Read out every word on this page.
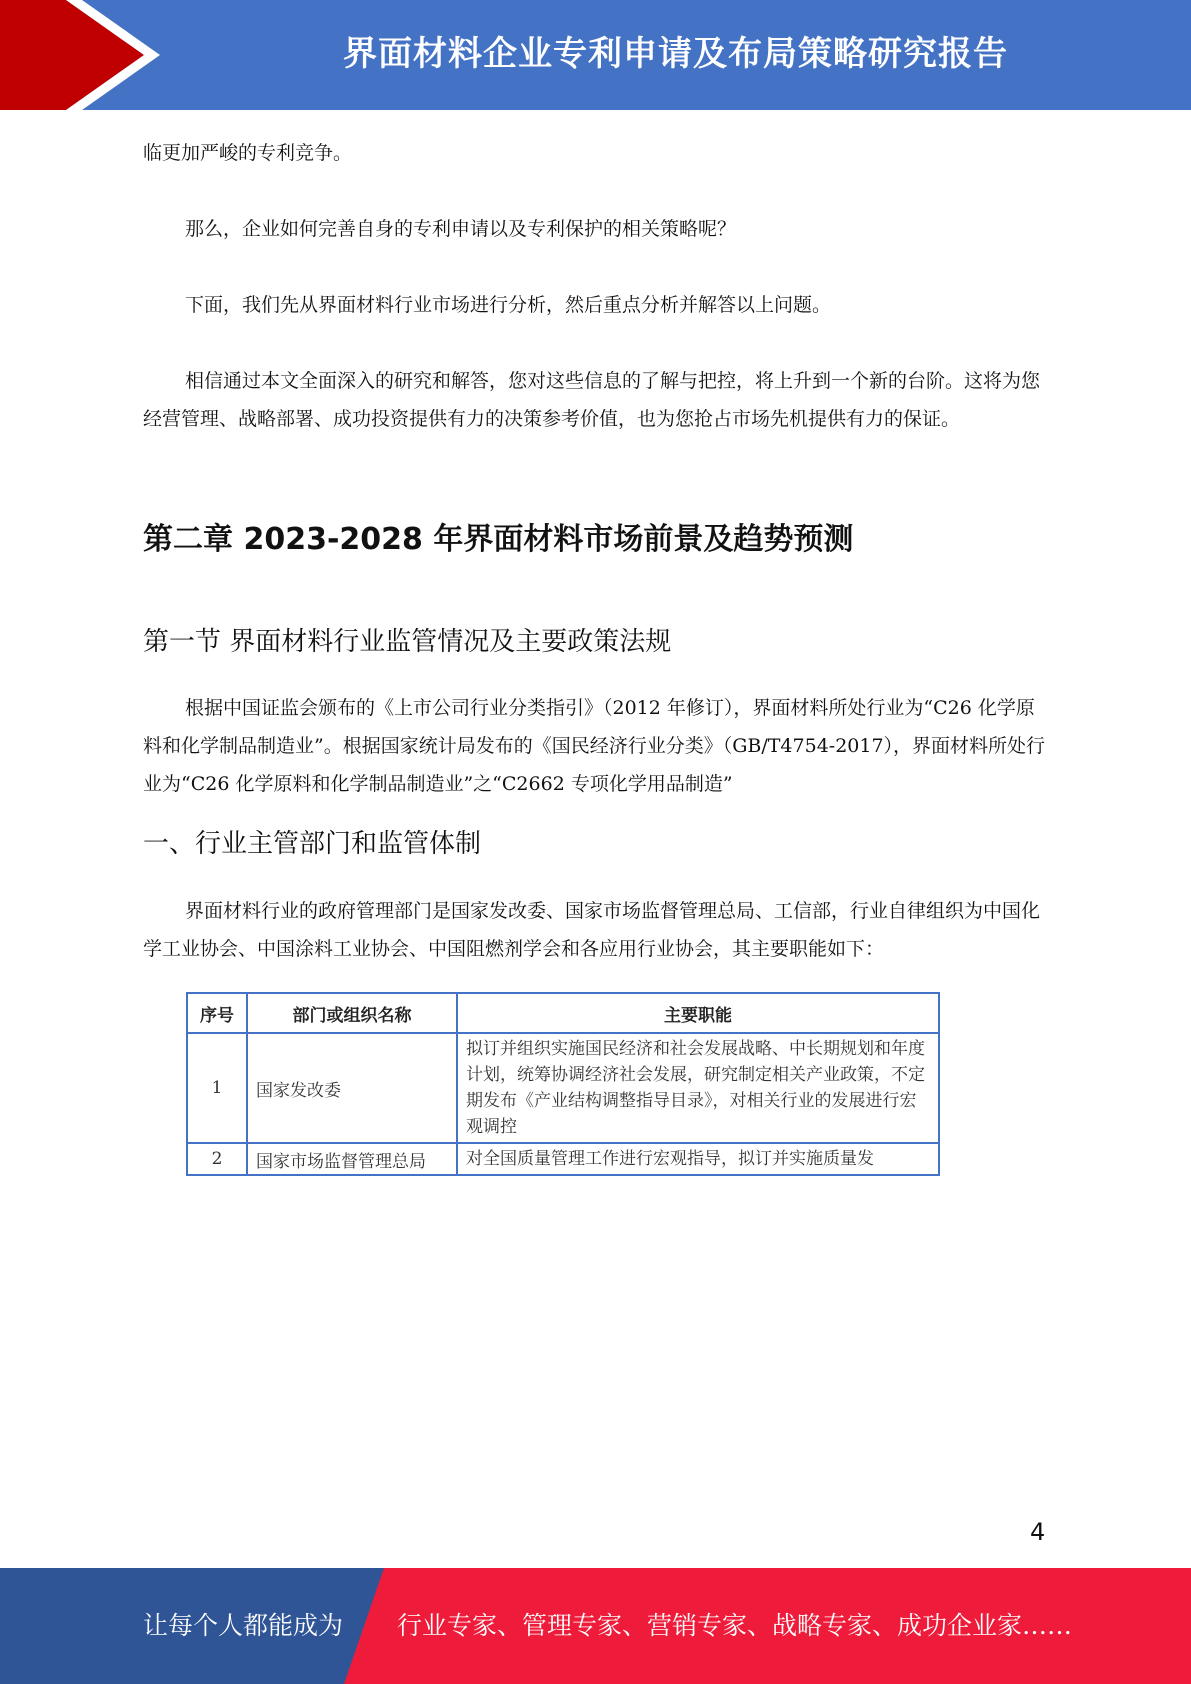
界面材料企业专利申请及布局策略研究报告

临更加严峻的专利竞争。

那么，企业如何完善自身的专利申请以及专利保护的相关策略呢？

下面，我们先从界面材料行业市场进行分析，然后重点分析并解答以上问题。

相信通过本文全面深入的研究和解答，您对这些信息的了解与把控，将上升到一个新的台阶。这将为您经营管理、战略部署、成功投资提供有力的决策参考价值，也为您抢占市场先机提供有力的保证。

第二章 2023-2028 年界面材料市场前景及趋势预测
第一节 界面材料行业监管情况及主要政策法规

根据中国证监会颁布的《上市公司行业分类指引》（2012 年修订），界面材料所处行业为“C26 化学原料和化学制品制造业”。根据国家统计局发布的《国民经济行业分类》（GB/T4754-2017），界面材料所处行业为“C26 化学原料和化学制品制造业”之“C2662 专项化学用品制造”

一、行业主管部门和监管体制

界面材料行业的政府管理部门是国家发改委、国家市场监督管理总局、工信部，行业自律组织为中国化学工业协会、中国涂料工业协会、中国阻燃剂学会和各应用行业协会，其主要职能如下：

序号	部门或组织名称	主要职能
1	国家发改委	拟订并组织实施国民经济和社会发展战略、中长期规划和年度计划，统筹协调经济社会发展，研究制定相关产业政策，不定期发布《产业结构调整指导目录》，对相关行业的发展进行宏观调控
2	国家市场监督管理总局	对全国质量管理工作进行宏观指导，拟订并实施质量发
4
让每个人都能成为 行业专家、管理专家、营销专家、战略专家、成功企业家……
